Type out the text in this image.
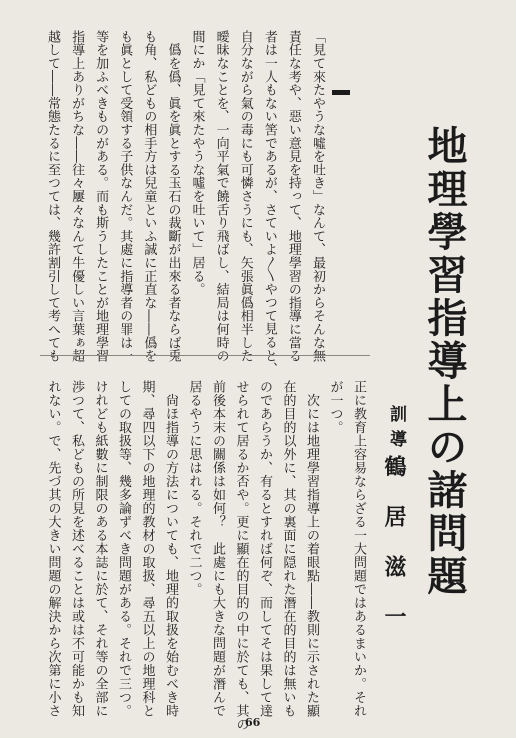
地理學習指導上の諸問題
訓導
鶴居滋一

「見て來たやうな噓を吐き」なんて、最初からそんな無

責任な考や、惡い意見を持って、地理學習の指導に當る

者は一人もない筈であるが、さていよ〳〵やつて見ると、

自分ながら氣の毒にも可憐さうにも、矢張眞僞相半した

曖昧なことを、一向平氣で饒舌り飛ばし、結局は何時の

間にか「見て來たやうな噓を吐いて」居る。

　僞を僞、眞を眞とする玉石の裁斷が出來る者ならば兎

も角、私どもの相手方は兒童といふ誠に正直な――僞を

も眞として受領する子供なんだ。其處に指導者の罪は一

等を加ふべきものがある。而も斯うしたことが地理學習

指導上ありがちな――往々屢々なんて牛優しい言葉ぁ超

越して――常態たるに至つては、幾許割引して考へても

正に教育上容易ならざる一大問題ではあるまいか。それ

が一つ。

　次には地理學習指導上の着眼點――教則に示された顯

在的目的以外に、其の裏面に隠れた潛在的目的は無いも

のであらうか、有るとすれば何ぞ、而してそは果して達

せられて居るか否や。更に顯在的目的の中に於ても、其の

前後本末の關係は如何？　此處にも大きな問題が潛んで

居るやうに思はれる。それで二つ。

　尙ほ指導の方法についても、地理的取扱を始むべき時

期、尋四以下の地理的教材の取扱、尋五以上の地理科と

しての取扱等、幾多論ずべき問題がある。それで三つ。

けれども紙數に制限のある本誌に於て、それ等の全部に

渉つて、私どもの所見を述べることは或は不可能かも知

れない。で、先づ其の大きい問題の解決から次第に小さ

66
